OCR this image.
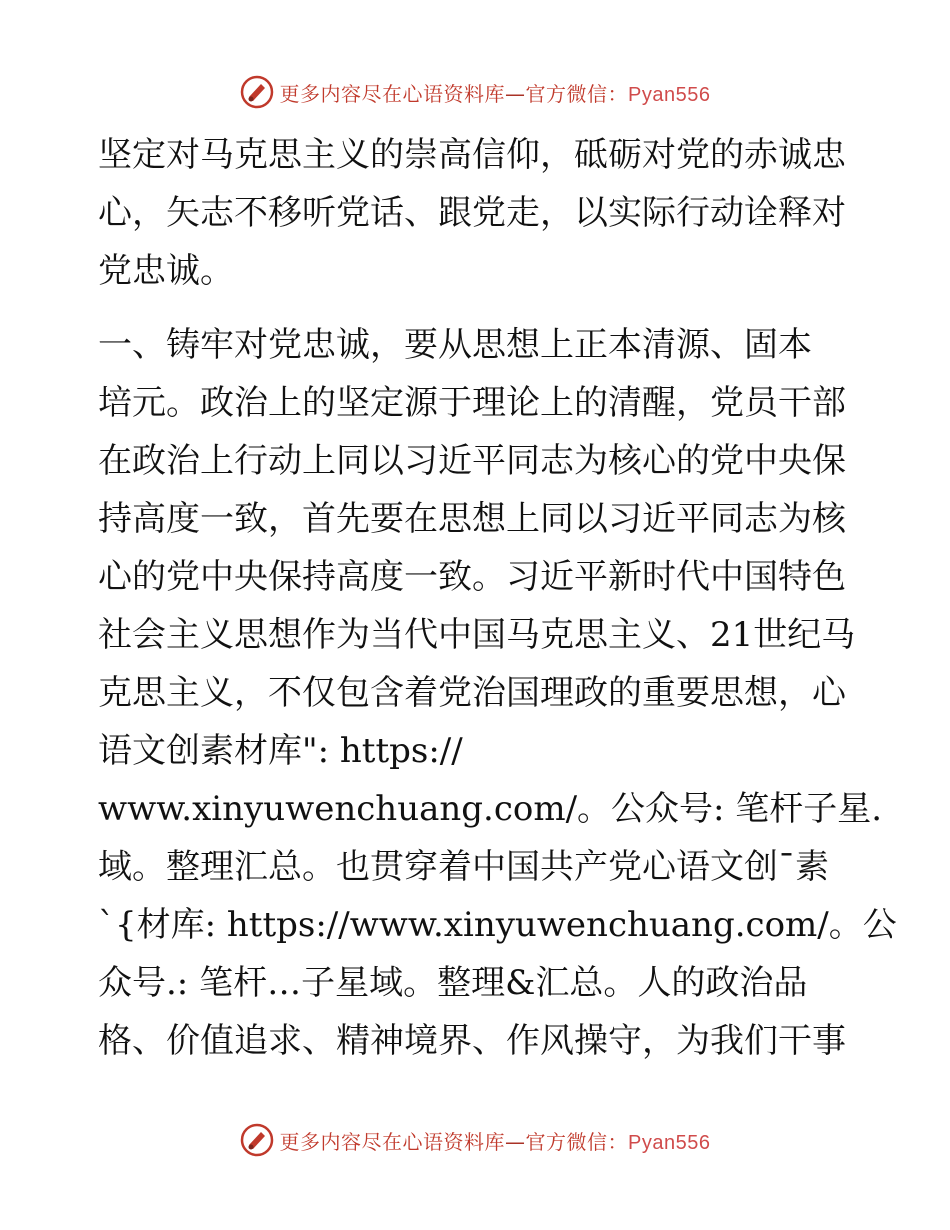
更多内容尽在心语资料库—官方微信：Pyan556
坚定对马克思主义的崇高信仰，砥砺对党的赤诚忠
心，矢志不移听党话、跟党走，以实际行动诠释对
党忠诚。
一、铸牢对党忠诚，要从思想上正本清源、固本
培元。政治上的坚定源于理论上的清醒，党员干部
在政治上行动上同以习近平同志为核心的党中央保
持高度一致，首先要在思想上同以习近平同志为核
心的党中央保持高度一致。习近平新时代中国特色
社会主义思想作为当代中国马克思主义、21世纪马
克思主义，不仅包含着党治国理政的重要思想，心
语文创素材库": https://
www.xinyuwenchuang.com/。公众号: 笔杆子星.
域。整理汇总。也贯穿着中国共产党心语文创¯素
`{材库: https://www.xinyuwenchuang.com/。公
众号.: 笔杆…子星域。整理&汇总。人的政治品
格、价值追求、精神境界、作风操守，为我们干事
更多内容尽在心语资料库—官方微信：Pyan556
